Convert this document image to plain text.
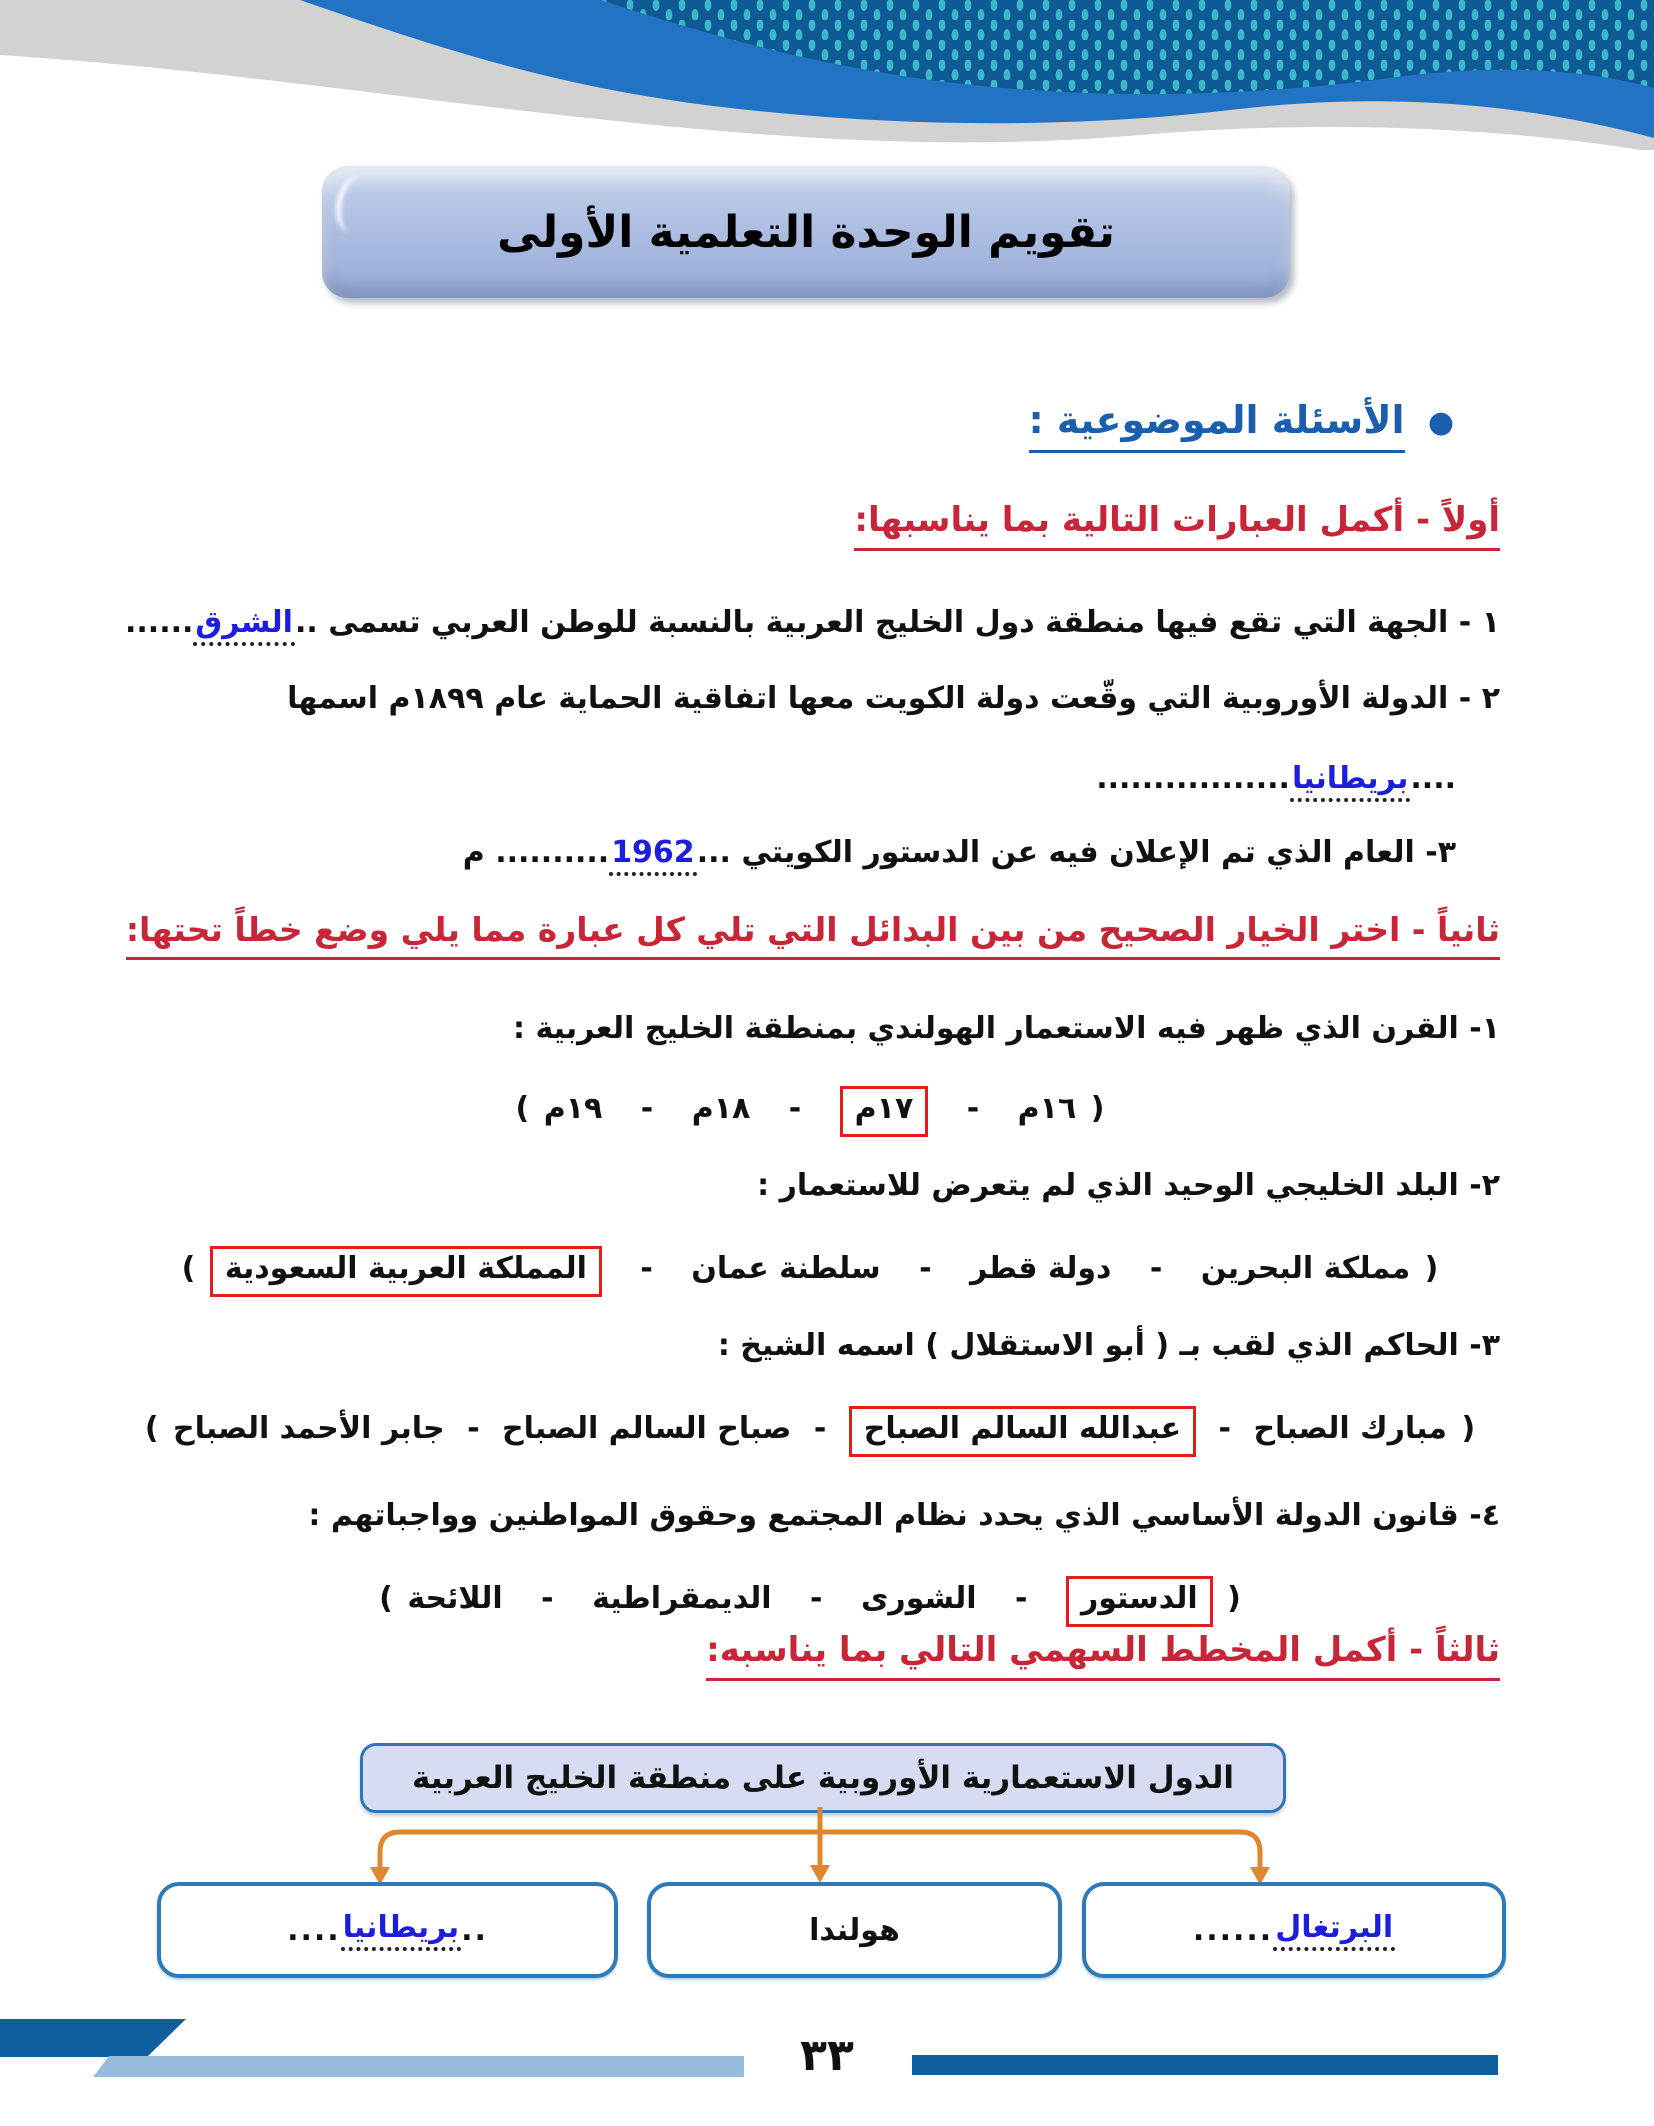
تقويم الوحدة التعلمية الأولى
● الأسئلة الموضوعية :
أولاً - أكمل العبارات التالية بما يناسبها:
١ - الجهة التي تقع فيها منطقة دول الخليج العربية بالنسبة للوطن العربي تسمى ..الشرق......
٢ - الدولة الأوروبية التي وقّعت دولة الكويت معها اتفاقية الحماية عام ١٨٩٩م اسمها
....بريطانيا.................
٣- العام الذي تم الإعلان فيه عن الدستور الكويتي ...1962.......... م
ثانياً - اختر الخيار الصحيح من بين البدائل التي تلي كل عبارة مما يلي وضع خطاً تحتها:
١- القرن الذي ظهر فيه الاستعمار الهولندي بمنطقة الخليج العربية :
( ١٦م - ١٧م - ١٨م - ١٩م )
٢- البلد الخليجي الوحيد الذي لم يتعرض للاستعمار :
( مملكة البحرين - دولة قطر - سلطنة عمان - المملكة العربية السعودية )
٣- الحاكم الذي لقب بـ ( أبو الاستقلال ) اسمه الشيخ :
( مبارك الصباح - عبدالله السالم الصباح - صباح السالم الصباح - جابر الأحمد الصباح )
٤- قانون الدولة الأساسي الذي يحدد نظام المجتمع وحقوق المواطنين وواجباتهم :
( الدستور - الشورى - الديمقراطية - اللائحة )
ثالثاً - أكمل المخطط السهمي التالي بما يناسبه:
الدول الاستعمارية الأوروبية على منطقة الخليج العربية
البرتغال
......
هولندا
..
بريطانيا
....
٣٣
